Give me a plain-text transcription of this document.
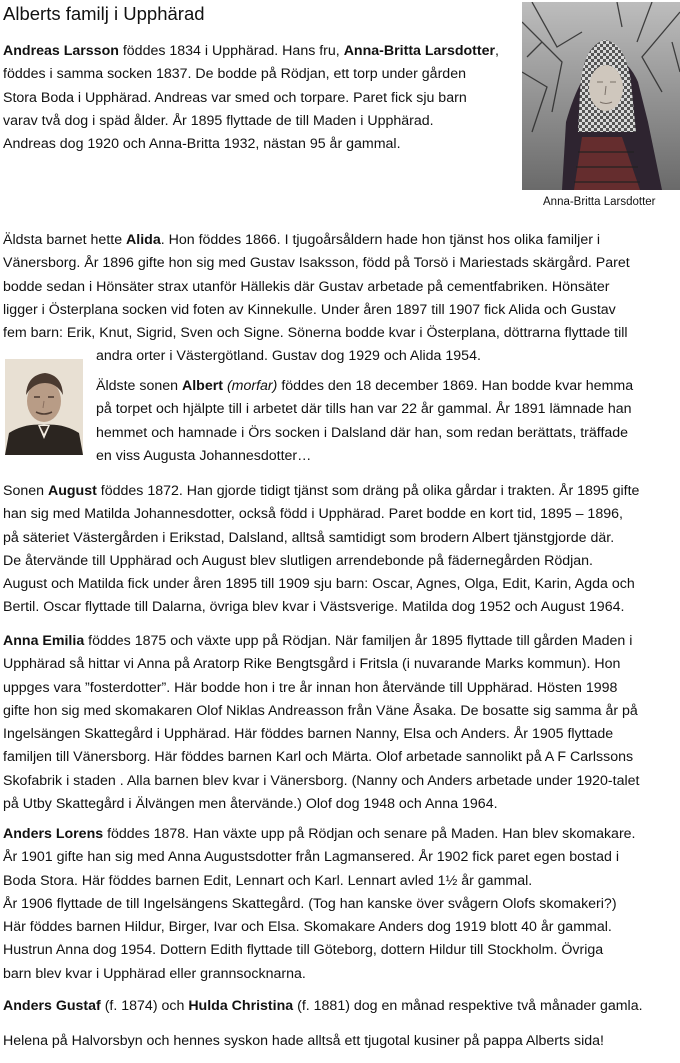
Alberts familj i Upphärad
Andreas Larsson föddes 1834 i Upphärad. Hans fru, Anna-Britta Larsdotter,
föddes i samma socken 1837. De bodde på Rödjan, ett torp under gården
Stora Boda i Upphärad. Andreas var smed och torpare. Paret fick sju barn
varav två dog i späd ålder. År 1895 flyttade de till Maden i Upphärad.
Andreas dog 1920 och Anna-Britta 1932, nästan 95 år gammal.
Anna-Britta Larsdotter
Äldsta barnet hette Alida. Hon föddes 1866. I tjugoårsåldern hade hon tjänst hos olika familjer i
Vänersborg. År 1896 gifte hon sig med Gustav Isaksson, född på Torsö i Mariestads skärgård. Paret
bodde sedan i Hönsäter strax utanför Hällekis där Gustav arbetade på cementfabriken. Hönsäter
ligger i Österplana socken vid foten av Kinnekulle. Under åren 1897 till 1907 fick Alida och Gustav
fem barn: Erik, Knut, Sigrid, Sven och Signe. Sönerna bodde kvar i Österplana, döttrarna flyttade till
andra orter i Västergötland. Gustav dog 1929 och Alida 1954.
Äldste sonen Albert (morfar) föddes den 18 december 1869. Han bodde kvar hemma
på torpet och hjälpte till i arbetet där tills han var 22 år gammal. År 1891 lämnade han
hemmet och hamnade i Örs socken i Dalsland där han, som redan berättats, träffade
en viss Augusta Johannesdotter…
Sonen August föddes 1872. Han gjorde tidigt tjänst som dräng på olika gårdar i trakten. År 1895 gifte
han sig med Matilda Johannesdotter, också född i Upphärad. Paret bodde en kort tid, 1895 – 1896,
på säteriet Västergården i Erikstad, Dalsland, alltså samtidigt som brodern Albert tjänstgjorde där.
De återvände till Upphärad och August blev slutligen arrendebonde på fädernegården Rödjan.
August och Matilda fick under åren 1895 till 1909 sju barn: Oscar, Agnes, Olga, Edit, Karin, Agda och
Bertil. Oscar flyttade till Dalarna, övriga blev kvar i Västsverige. Matilda dog 1952 och August 1964.
Anna Emilia föddes 1875 och växte upp på Rödjan. När familjen år 1895 flyttade till gården Maden i
Upphärad så hittar vi Anna på Aratorp Rike Bengtsgård i Fritsla (i nuvarande Marks kommun). Hon
uppges vara ”fosterdotter”. Här bodde hon i tre år innan hon återvände till Upphärad. Hösten 1998
gifte hon sig med skomakaren Olof Niklas Andreasson från Väne Åsaka. De bosatte sig samma år på
Ingelsängen Skattegård i Upphärad. Här föddes barnen Nanny, Elsa och Anders. År 1905 flyttade
familjen till Vänersborg. Här föddes barnen Karl och Märta. Olof arbetade sannolikt på A F Carlssons
Skofabrik i staden . Alla barnen blev kvar i Vänersborg. (Nanny och Anders arbetade under 1920-talet
på Utby Skattegård i Älvängen men återvände.) Olof dog 1948 och Anna 1964.
Anders Lorens föddes 1878. Han växte upp på Rödjan och senare på Maden. Han blev skomakare.
År 1901 gifte han sig med Anna Augustsdotter från Lagmansered. År 1902 fick paret egen bostad i
Boda Stora. Här föddes barnen Edit, Lennart och Karl. Lennart avled 1½ år gammal.
År 1906 flyttade de till Ingelsängens Skattegård. (Tog han kanske över svågern Olofs skomakeri?)
Här föddes barnen Hildur, Birger, Ivar och Elsa. Skomakare Anders dog 1919 blott 40 år gammal.
Hustrun Anna dog 1954. Dottern Edith flyttade till Göteborg, dottern Hildur till Stockholm. Övriga
barn blev kvar i Upphärad eller grannsocknarna.
Anders Gustaf (f. 1874) och Hulda Christina (f. 1881) dog en månad respektive två månader gamla.
Helena på Halvorsbyn och hennes syskon hade alltså ett tjugotal kusiner på pappa Alberts sida!
